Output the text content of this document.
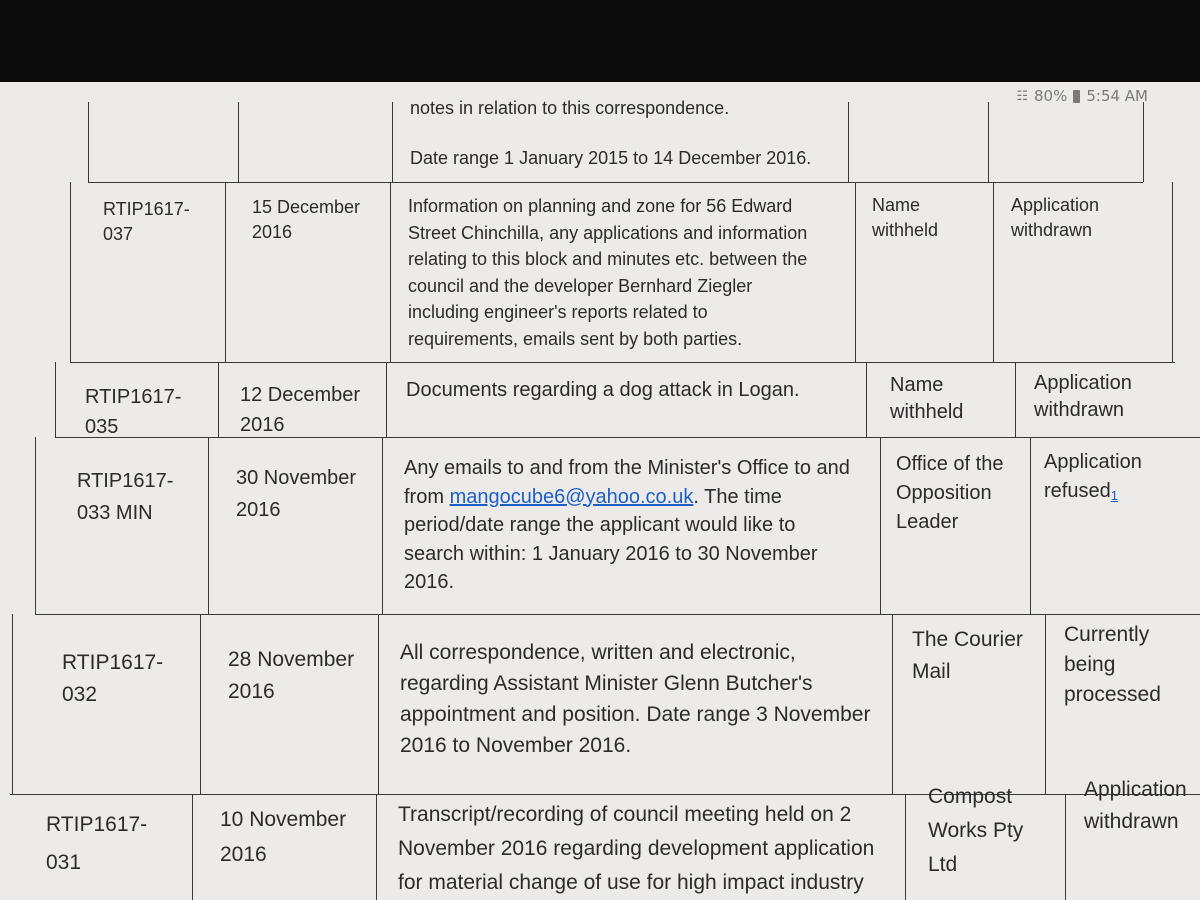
notes in relation to this correspondence.
Date range 1 January 2015 to 14 December 2016.
RTIP1617-
037
15 December
2016
Information on planning and zone for 56 Edward
Street Chinchilla, any applications and information
relating to this block and minutes etc. between the
council and the developer Bernhard Ziegler
including engineer's reports related to
requirements, emails sent by both parties.
Name
withheld
Application
withdrawn
RTIP1617-
035
12 December
2016
Documents regarding a dog attack in Logan.	Name
withheld
Application
withdrawn
RTIP1617-
033 MIN
30 November
2016
Any emails to and from the Minister's Office to and
from mangocube6@yahoo.co.uk. The time
period/date range the applicant would like to
search within: 1 January 2016 to 30 November
2016.
Office of the
Opposition
Leader
Application
refused1
RTIP1617-
032
28 November
2016
All correspondence, written and electronic,
regarding Assistant Minister Glenn Butcher's
appointment and position. Date range 3 November
2016 to November 2016.
The Courier
Mail
Currently being
processed
RTIP1617-
031
10 November
2016
Transcript/recording of council meeting held on 2
November 2016 regarding development application
for material change of use for high impact industry
Compost
Works Pty
Ltd
Application
withdrawn
☷ 80% 5:54 AM
